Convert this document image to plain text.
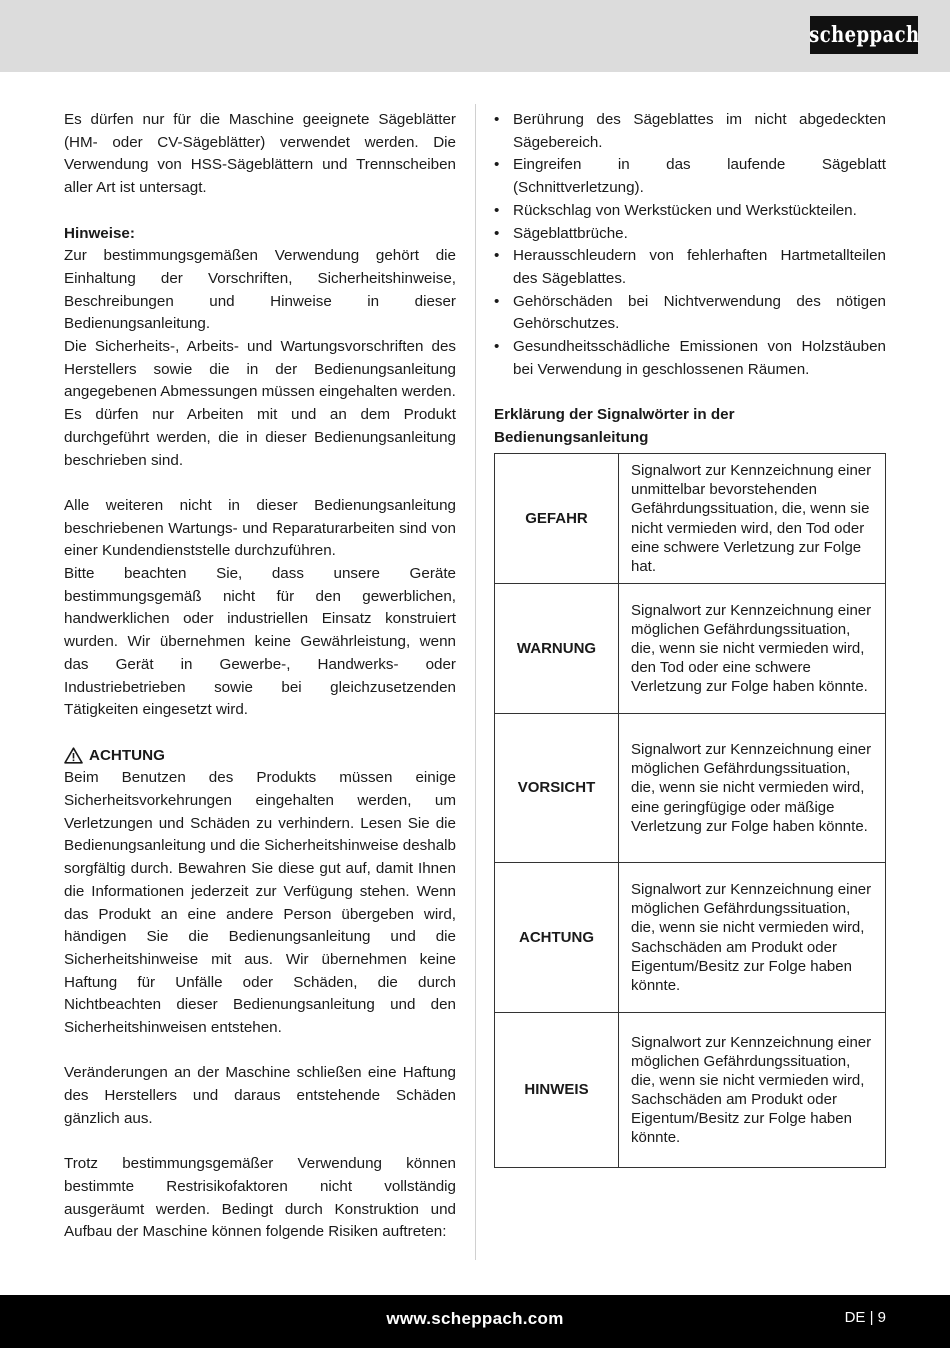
scheppach

Es dürfen nur für die Maschine geeignete Sägeblätter (HM- oder CV-Sägeblätter) verwendet werden. Die Verwendung von HSS-Sägeblättern und Trennscheiben aller Art ist untersagt.

Hinweise:

Zur bestimmungsgemäßen Verwendung gehört die Einhaltung der Vorschriften, Sicherheitshinweise, Beschreibungen und Hinweise in dieser Bedienungsanleitung.

Die Sicherheits-, Arbeits- und Wartungsvorschriften des Herstellers sowie die in der Bedienungsanleitung angegebenen Abmessungen müssen eingehalten werden.

Es dürfen nur Arbeiten mit und an dem Produkt durchgeführt werden, die in dieser Bedienungsanleitung beschrieben sind.

Alle weiteren nicht in dieser Bedienungsanleitung beschriebenen Wartungs- und Reparaturarbeiten sind von einer Kundendienststelle durchzuführen.

Bitte beachten Sie, dass unsere Geräte bestimmungsgemäß nicht für den gewerblichen, handwerklichen oder industriellen Einsatz konstruiert wurden. Wir übernehmen keine Gewährleistung, wenn das Gerät in Gewerbe-, Handwerks- oder Industriebetrieben sowie bei gleichzusetzenden Tätigkeiten eingesetzt wird.

ACHTUNG

Beim Benutzen des Produkts müssen einige Sicherheitsvorkehrungen eingehalten werden, um Verletzungen und Schäden zu verhindern. Lesen Sie die Bedienungsanleitung und die Sicherheitshinweise deshalb sorgfältig durch. Bewahren Sie diese gut auf, damit Ihnen die Informationen jederzeit zur Verfügung stehen. Wenn das Produkt an eine andere Person übergeben wird, händigen Sie die Bedienungsanleitung und die Sicherheitshinweise mit aus. Wir übernehmen keine Haftung für Unfälle oder Schäden, die durch Nichtbeachten dieser Bedienungsanleitung und den Sicherheitshinweisen entstehen.

Veränderungen an der Maschine schließen eine Haftung des Herstellers und daraus entstehende Schäden gänzlich aus.

Trotz bestimmungsgemäßer Verwendung können bestimmte Restrisikofaktoren nicht vollständig ausgeräumt werden. Bedingt durch Konstruktion und Aufbau der Maschine können folgende Risiken auftreten:

• Berührung des Sägeblattes im nicht abgedeckten Sägebereich.
• Eingreifen in das laufende Sägeblatt (Schnittverletzung).
• Rückschlag von Werkstücken und Werkstückteilen.
• Sägeblattbrüche.
• Herausschleudern von fehlerhaften Hartmetallteilen des Sägeblattes.
• Gehörschäden bei Nichtverwendung des nötigen Gehörschutzes.
• Gesundheitsschädliche Emissionen von Holzstäuben bei Verwendung in geschlossenen Räumen.
Erklärung der Signalwörter in der Bedienungsanleitung
GEFAHR	Signalwort zur Kennzeichnung einer unmittelbar bevorstehenden Gefährdungssituation, die, wenn sie nicht vermieden wird, den Tod oder eine schwere Verletzung zur Folge hat.
WARNUNG	Signalwort zur Kennzeichnung einer möglichen Gefährdungssituation, die, wenn sie nicht vermieden wird, den Tod oder eine schwere Verletzung zur Folge haben könnte.
VORSICHT	Signalwort zur Kennzeichnung einer möglichen Gefährdungssituation, die, wenn sie nicht vermieden wird, eine geringfügige oder mäßige Verletzung zur Folge haben könnte.
ACHTUNG	Signalwort zur Kennzeichnung einer möglichen Gefährdungssituation, die, wenn sie nicht vermieden wird, Sachschäden am Produkt oder Eigentum/Besitz zur Folge haben könnte.
HINWEIS	Signalwort zur Kennzeichnung einer möglichen Gefährdungssituation, die, wenn sie nicht vermieden wird, Sachschäden am Produkt oder Eigentum/Besitz zur Folge haben könnte.
www.scheppach.com	DE | 9
